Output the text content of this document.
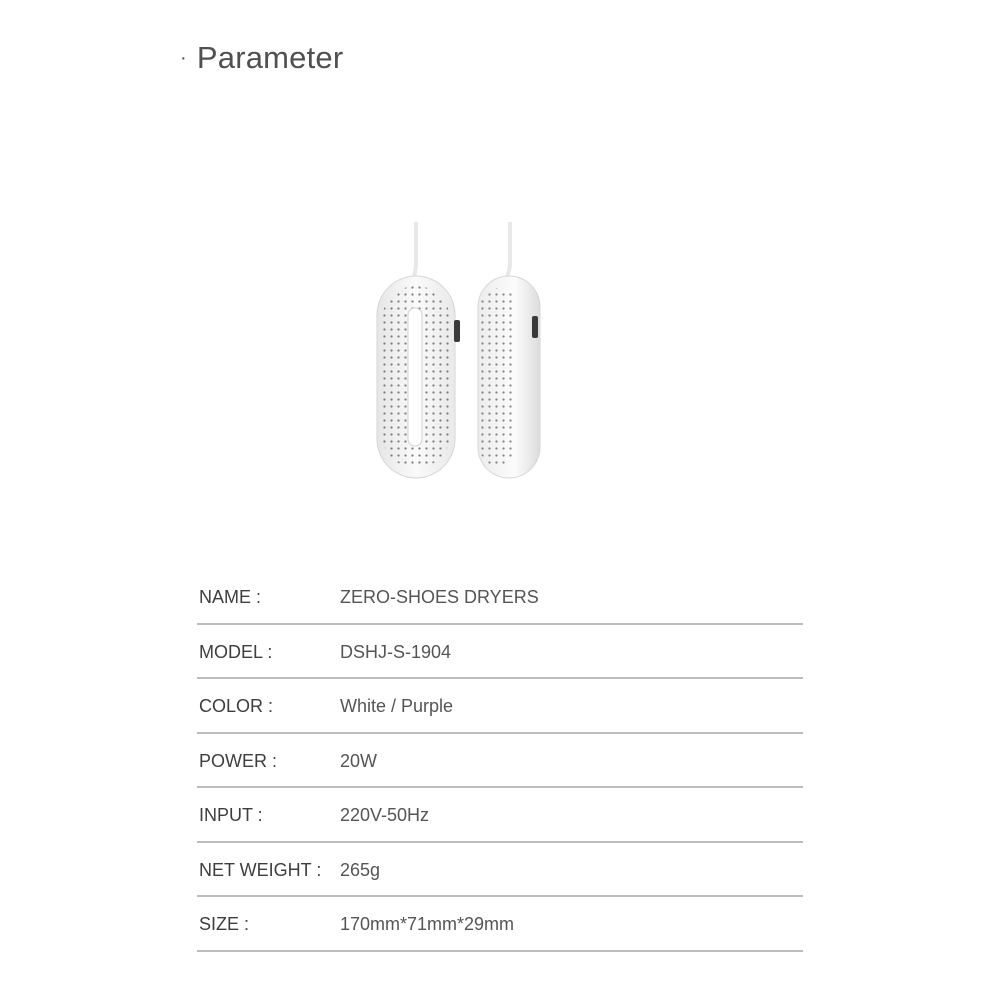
· Parameter
NAME :	ZERO-SHOES DRYERS
MODEL :	DSHJ-S-1904
COLOR :	White / Purple
POWER :	20W
INPUT :	220V-50Hz
NET WEIGHT : 265g
SIZE :	170mm*71mm*29mm
